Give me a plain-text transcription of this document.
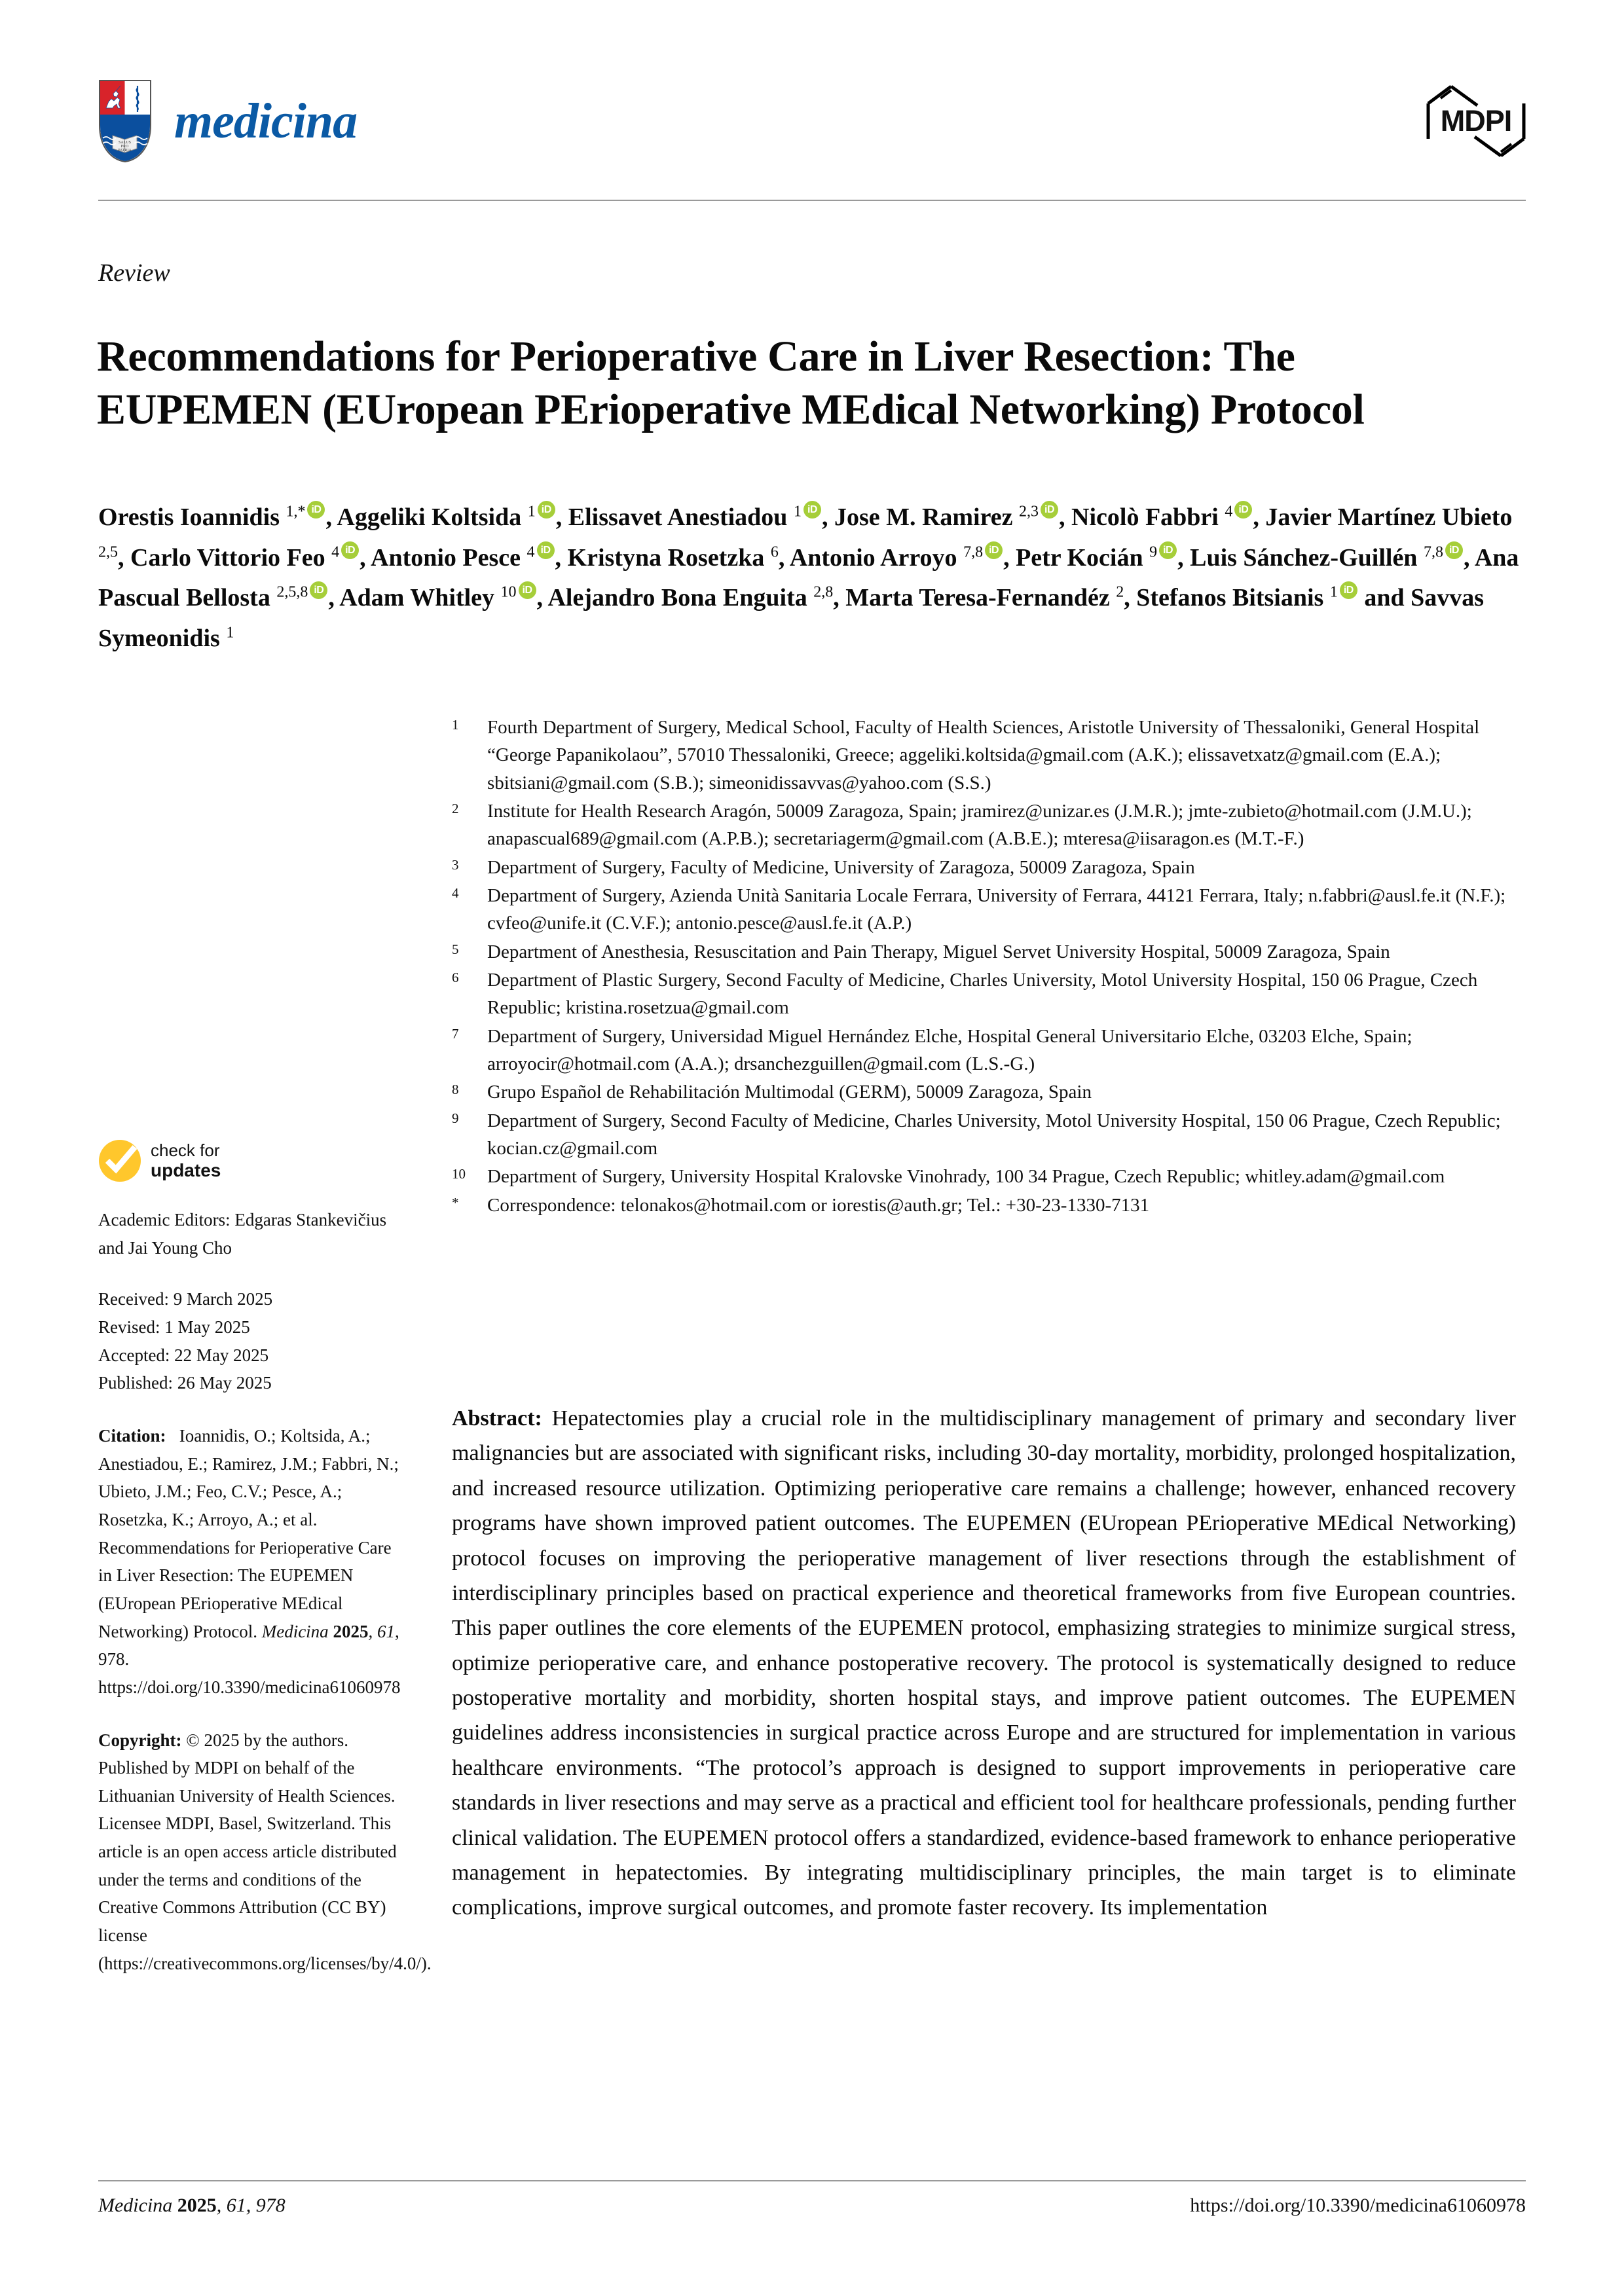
SALUS
PRO
PATRIA
medicina	MDPI
Review
Recommendations for Perioperative Care in Liver Resection: The EUPEMEN (EUropean PErioperative MEdical Networking) Protocol
Orestis Ioannidis $^{1,*}$ iD , Aggeliki Koltsida $^1$ iD , Elissavet Anestiadou $^1$ iD , Jose M. Ramirez $^{2,3}$ iD , Nicolò Fabbri $^4$ iD , Javier Martínez Ubieto $^{2,5}$, Carlo Vittorio Feo $^4$ iD , Antonio Pesce $^4$ iD , Kristyna Rosetzka $^6$, Antonio Arroyo $^{7,8}$ iD , Petr Kocián $^9$ iD , Luis Sánchez-Guillén $^{7,8}$ iD , Ana Pascual Bellosta $^{2,5,8}$ iD , Adam Whitley $^{10}$ iD , Alejandro Bona Enguita $^{2,8}$, Marta Teresa-Fernandéz $^2$, Stefanos Bitsianis $^1$iD and Savvas Symeonidis $^1$
1	Fourth Department of Surgery, Medical School, Faculty of Health Sciences, Aristotle University of Thessaloniki, General Hospital “George Papanikolaou”, 57010 Thessaloniki, Greece; aggeliki.koltsida@gmail.com (A.K.); elissavetxatz@gmail.com (E.A.); sbitsiani@gmail.com (S.B.); simeonidissavvas@yahoo.com (S.S.)
2	Institute for Health Research Aragón, 50009 Zaragoza, Spain; jramirez@unizar.es (J.M.R.); jmte-zubieto@hotmail.com (J.M.U.); anapascual689@gmail.com (A.P.B.); secretariagerm@gmail.com (A.B.E.); mteresa@iisaragon.es (M.T.-F.)
3	Department of Surgery, Faculty of Medicine, University of Zaragoza, 50009 Zaragoza, Spain
4	Department of Surgery, Azienda Unità Sanitaria Locale Ferrara, University of Ferrara, 44121 Ferrara, Italy; n.fabbri@ausl.fe.it (N.F.); cvfeo@unife.it (C.V.F.); antonio.pesce@ausl.fe.it (A.P.)
5	Department of Anesthesia, Resuscitation and Pain Therapy, Miguel Servet University Hospital, 50009 Zaragoza, Spain
6	Department of Plastic Surgery, Second Faculty of Medicine, Charles University, Motol University Hospital, 150 06 Prague, Czech Republic; kristina.rosetzua@gmail.com
7	Department of Surgery, Universidad Miguel Hernández Elche, Hospital General Universitario Elche, 03203 Elche, Spain; arroyocir@hotmail.com (A.A.); drsanchezguillen@gmail.com (L.S.-G.)
8	Grupo Español de Rehabilitación Multimodal (GERM), 50009 Zaragoza, Spain
9	Department of Surgery, Second Faculty of Medicine, Charles University, Motol University Hospital, 150 06 Prague, Czech Republic; kocian.cz@gmail.com
10	Department of Surgery, University Hospital Kralovske Vinohrady, 100 34 Prague, Czech Republic; whitley.adam@gmail.com
*	Correspondence: telonakos@hotmail.com or iorestis@auth.gr; Tel.: +30-23-1330-7131
check for
updates
Academic Editors: Edgaras Stankevičius and Jai Young Cho
Received: 9 March 2025
Revised: 1 May 2025
Accepted: 22 May 2025
Published: 26 May 2025
Citation: Ioannidis, O.; Koltsida, A.; Anestiadou, E.; Ramirez, J.M.; Fabbri, N.; Ubieto, J.M.; Feo, C.V.; Pesce, A.; Rosetzka, K.; Arroyo, A.; et al. Recommendations for Perioperative Care in Liver Resection: The EUPEMEN (EUropean PErioperative MEdical Networking) Protocol. Medicina 2025, 61, 978. https://doi.org/10.3390/medicina61060978
Copyright: © 2025 by the authors. Published by MDPI on behalf of the Lithuanian University of Health Sciences. Licensee MDPI, Basel, Switzerland. This article is an open access article distributed under the terms and conditions of the Creative Commons Attribution (CC BY) license (https://creativecommons.org/licenses/by/4.0/).
Abstract: Hepatectomies play a crucial role in the multidisciplinary management of primary and secondary liver malignancies but are associated with significant risks, including 30-day mortality, morbidity, prolonged hospitalization, and increased resource utilization. Optimizing perioperative care remains a challenge; however, enhanced recovery programs have shown improved patient outcomes. The EUPEMEN (EUropean PErioperative MEdical Networking) protocol focuses on improving the perioperative management of liver resections through the establishment of interdisciplinary principles based on practical experience and theoretical frameworks from five European countries. This paper outlines the core elements of the EUPEMEN protocol, emphasizing strategies to minimize surgical stress, optimize perioperative care, and enhance postoperative recovery. The protocol is systematically designed to reduce postoperative mortality and morbidity, shorten hospital stays, and improve patient outcomes. The EUPEMEN guidelines address inconsistencies in surgical practice across Europe and are structured for implementation in various healthcare environments. “The protocol’s approach is designed to support improvements in perioperative care standards in liver resections and may serve as a practical and efficient tool for healthcare professionals, pending further clinical validation. The EUPEMEN protocol offers a standardized, evidence-based framework to enhance perioperative management in hepatectomies. By integrating multidisciplinary principles, the main target is to eliminate complications, improve surgical outcomes, and promote faster recovery. Its implementation
Medicina 2025, 61, 978	https://doi.org/10.3390/medicina61060978
